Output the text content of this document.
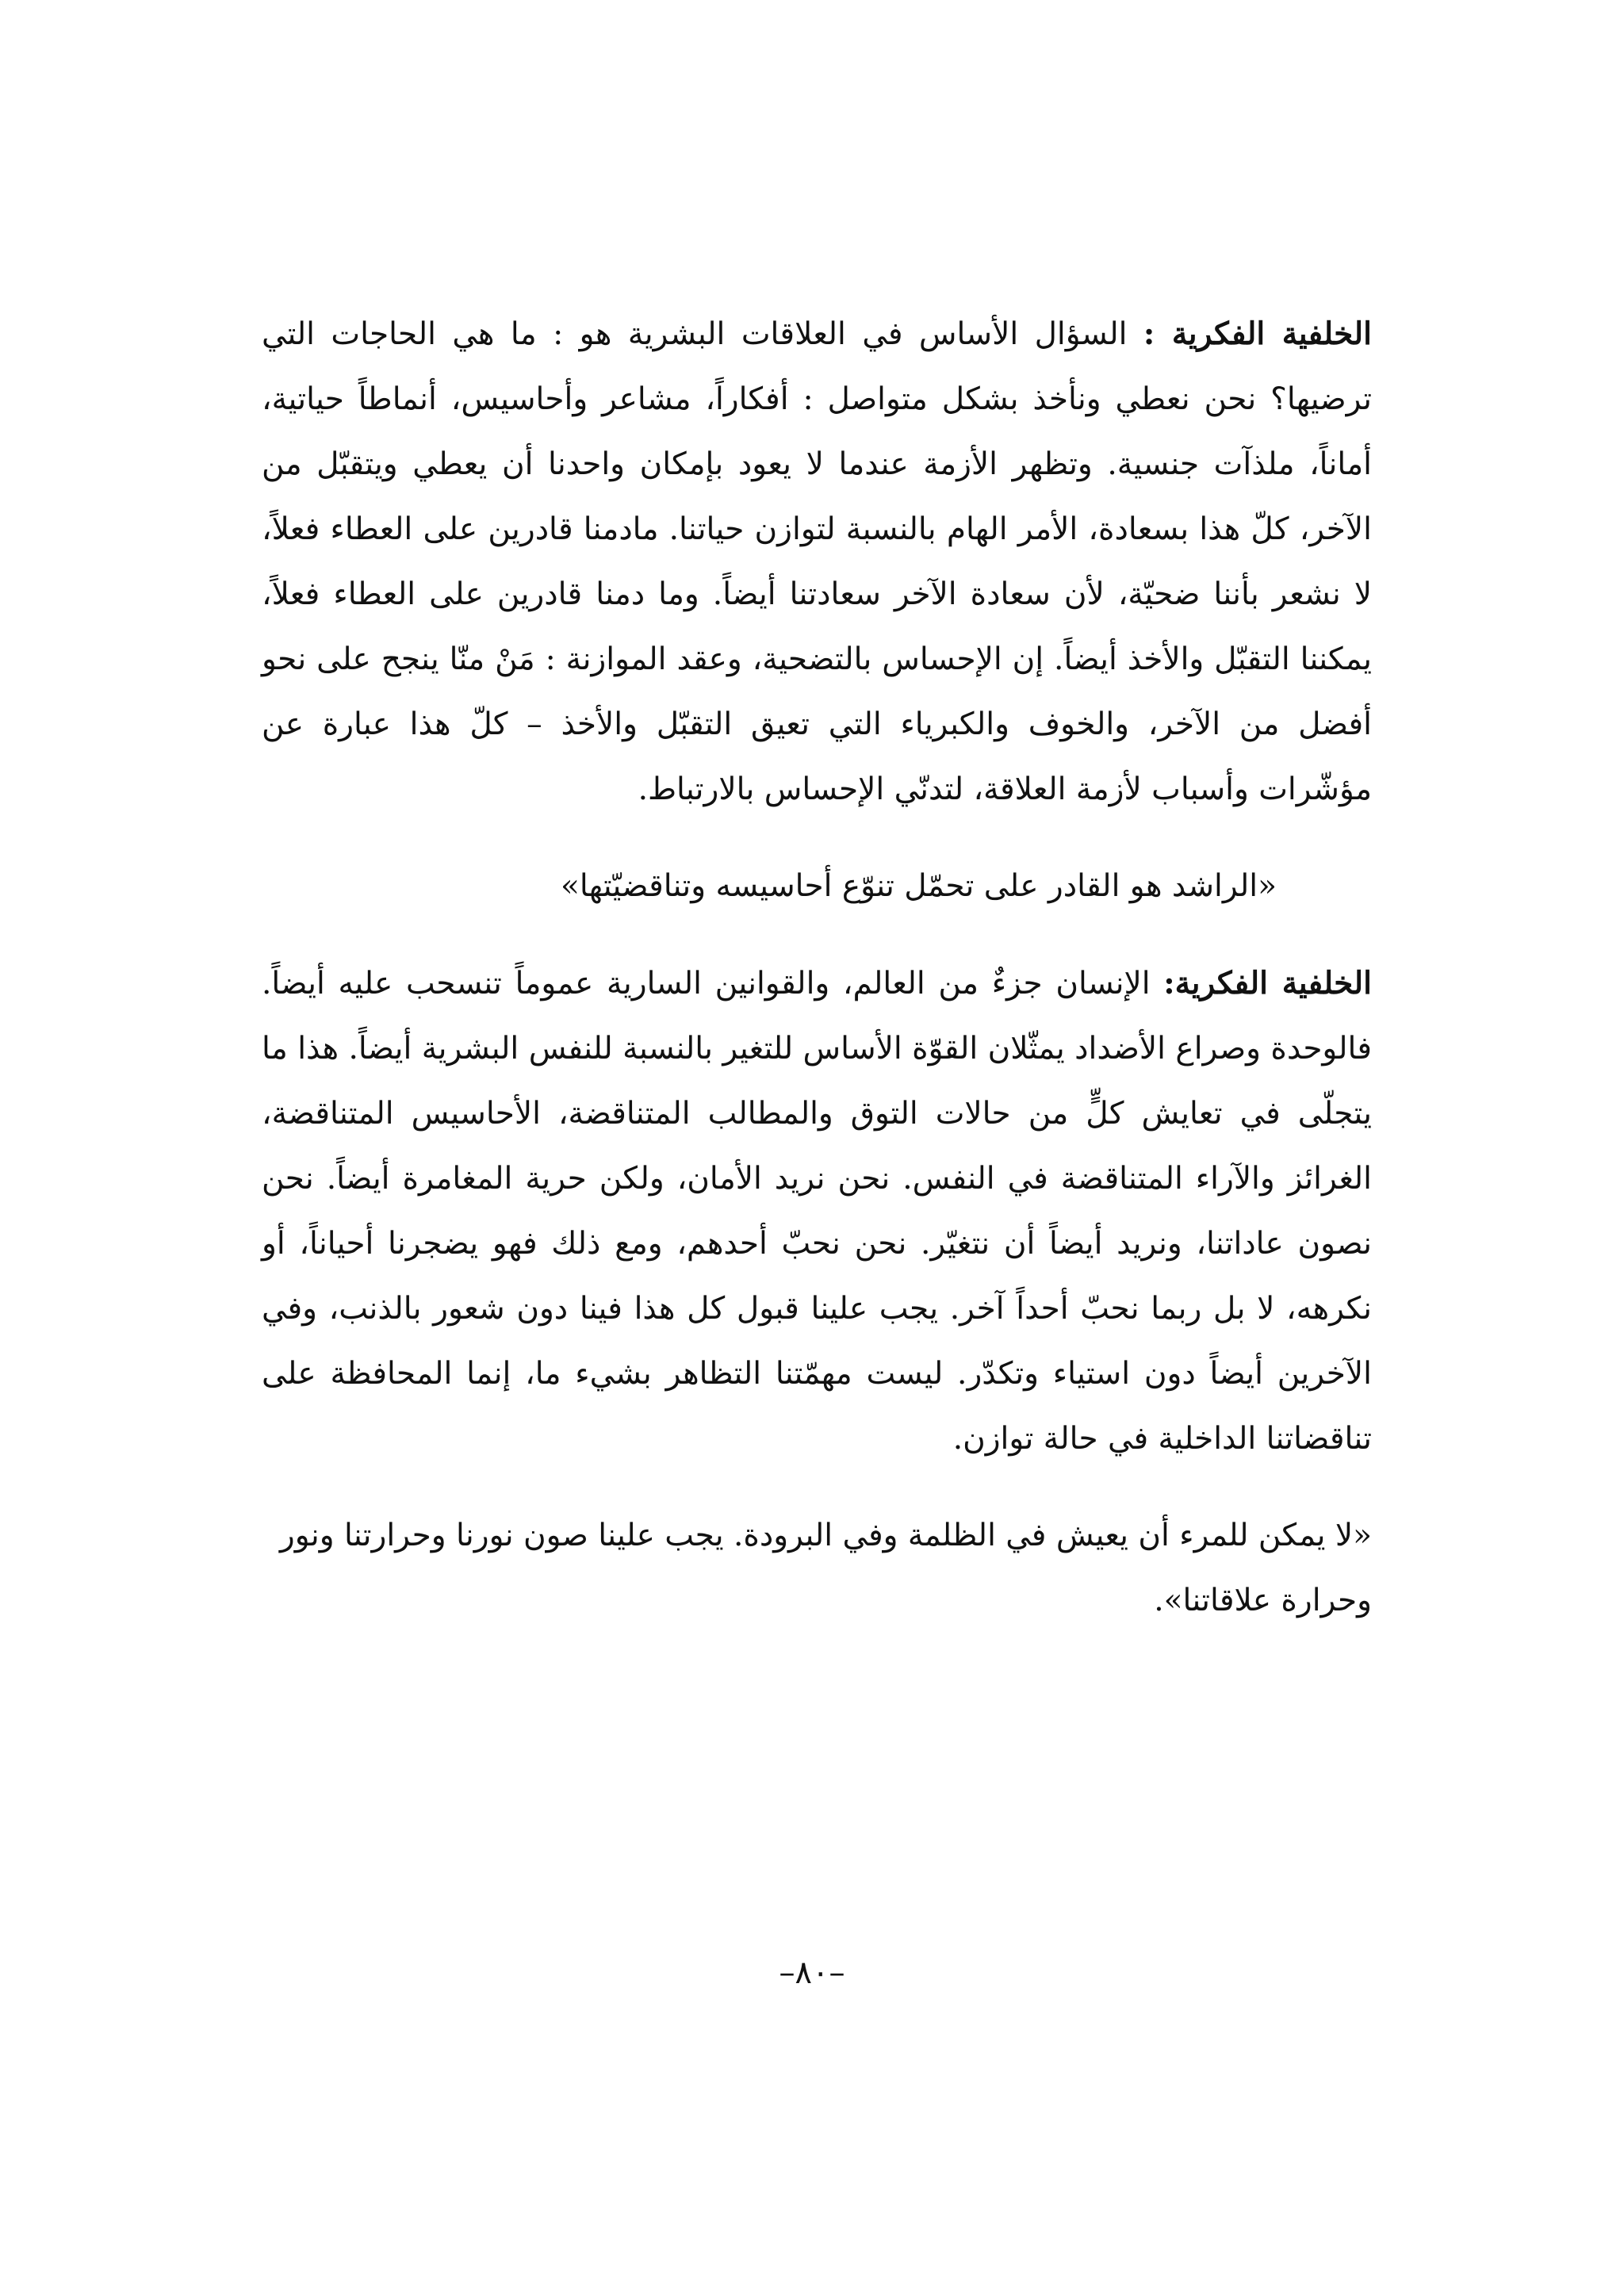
الخلفية الفكرية : السؤال الأساس في العلاقات البشرية هو : ما هي الحاجات التي ترضيها؟ نحن نعطي ونأخذ بشكل متواصل : أفكاراً، مشاعر وأحاسيس، أنماطاً حياتية، أماناً، ملذآت جنسية. وتظهر الأزمة عندما لا يعود بإمكان واحدنا أن يعطي ويتقبّل من الآخر، كلّ هذا بسعادة، الأمر الهام بالنسبة لتوازن حياتنا. مادمنا قادرين على العطاء فعلاً، لا نشعر بأننا ضحيّة، لأن سعادة الآخر سعادتنا أيضاً. وما دمنا قادرين على العطاء فعلاً، يمكننا التقبّل والأخذ أيضاً. إن الإحساس بالتضحية، وعقد الموازنة : مَنْ منّا ينجح على نحو أفضل من الآخر، والخوف والكبرياء التي تعيق التقبّل والأخذ – كلّ هذا عبارة عن مؤشّرات وأسباب لأزمة العلاقة، لتدنّي الإحساس بالارتباط.

«الراشد هو القادر على تحمّل تنوّع أحاسيسه وتناقضيّتها»

الخلفية الفكرية: الإنسان جزءٌ من العالم، والقوانين السارية عموماً تنسحب عليه أيضاً. فالوحدة وصراع الأضداد يمثّلان القوّة الأساس للتغير بالنسبة للنفس البشرية أيضاً. هذا ما يتجلّى في تعايش كلٍّ من حالات التوق والمطالب المتناقضة، الأحاسيس المتناقضة، الغرائز والآراء المتناقضة في النفس. نحن نريد الأمان، ولكن حرية المغامرة أيضاً. نحن نصون عاداتنا، ونريد أيضاً أن نتغيّر. نحن نحبّ أحدهم، ومع ذلك فهو يضجرنا أحياناً، أو نكرهه، لا بل ربما نحبّ أحداً آخر. يجب علينا قبول كل هذا فينا دون شعور بالذنب، وفي الآخرين أيضاً دون استياء وتكدّر. ليست مهمّتنا التظاهر بشيء ما، إنما المحافظة على تناقضاتنا الداخلية في حالة توازن.

«لا يمكن للمرء أن يعيش في الظلمة وفي البرودة. يجب علينا صون نورنا وحرارتنا ونور وحرارة علاقاتنا».

–٨٠–
